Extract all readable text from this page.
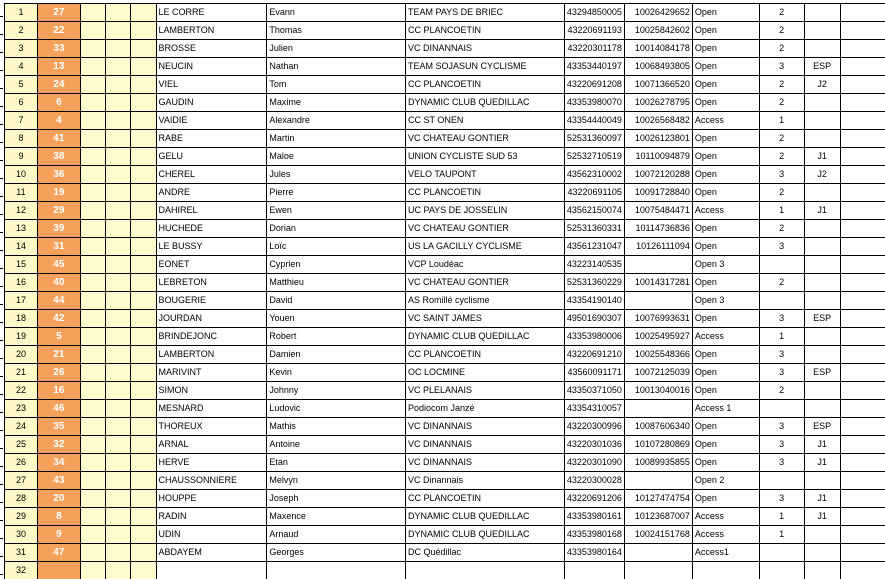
1	27				LE CORRE	Evann	TEAM PAYS DE BRIEC	43294850005	10026429652	Open	2		
2	22				LAMBERTON	Thomas	CC PLANCOETIN	43220691193	10025842602	Open	2		
3	33				BROSSE	Julien	VC DINANNAIS	43220301178	10014084178	Open	2		
4	13				NEUCIN	Nathan	TEAM SOJASUN CYCLISME	43353440197	10068493805	Open	3	ESP	
5	24				VIEL	Tom	CC PLANCOETIN	43220691208	10071366520	Open	2	J2	
6	6				GAUDIN	Maxime	DYNAMIC CLUB QUEDILLAC	43353980070	10026278795	Open	2		
7	4				VAIDIE	Alexandre	CC ST ONEN	43354440049	10026568482	Access	1		
8	41				RABE	Martin	VC CHATEAU GONTIER	52531360097	10026123801	Open	2		
9	38				GELU	Maloe	UNION CYCLISTE SUD 53	52532710519	10110094879	Open	2	J1	
10	36				CHEREL	Jules	VELO TAUPONT	43562310002	10072120288	Open	3	J2	
11	19				ANDRE	Pierre	CC PLANCOETIN	43220691105	10091728840	Open	2		
12	29				DAHIREL	Ewen	UC PAYS DE JOSSELIN	43562150074	10075484471	Access	1	J1	
13	39				HUCHEDE	Dorian	VC CHATEAU GONTIER	52531360331	10114736836	Open	2		
14	31				LE BUSSY	Loïc	US LA GACILLY CYCLISME	43561231047	10126111094	Open	3		
15	45				EONET	Cyprien	VCP Loudéac	43223140535		Open 3			
16	40				LEBRETON	Matthieu	VC CHATEAU GONTIER	52531360229	10014317281	Open	2		
17	44				BOUGERIE	David	AS Romillé cyclisme	43354190140		Open 3			
18	42				JOURDAN	Youen	VC SAINT JAMES	49501690307	10076993631	Open	3	ESP	
19	5				BRINDEJONC	Robert	DYNAMIC CLUB QUEDILLAC	43353980006	10025495927	Access	1		
20	21				LAMBERTON	Damien	CC PLANCOETIN	43220691210	10025548366	Open	3		
21	26				MARIVINT	Kevin	OC LOCMINE	43560091171	10072125039	Open	3	ESP	
22	16				SIMON	Johnny	VC PLELANAIS	43350371050	10013040016	Open	2		
23	46				MESNARD	Ludovic	Podiocom Janzé	43354310057		Access 1			
24	35				THOREUX	Mathis	VC DINANNAIS	43220300996	10087606340	Open	3	ESP	
25	32				ARNAL	Antoine	VC DINANNAIS	43220301036	10107280869	Open	3	J1	
26	34				HERVE	Etan	VC DINANNAIS	43220301090	10089935855	Open	3	J1	
27	43				CHAUSSONNIERE	Melvyn	VC Dinannais	43220300028		Open 2			
28	20				HOUPPE	Joseph	CC PLANCOETIN	43220691206	10127474754	Open	3	J1	
29	8				RADIN	Maxence	DYNAMIC CLUB QUEDILLAC	43353980161	10123687007	Access	1	J1	
30	9				UDIN	Arnaud	DYNAMIC CLUB QUEDILLAC	43353980168	10024151768	Access	1		
31	47				ABDAYEM	Georges	DC Quédillac	43353980164		Access1			
32													
